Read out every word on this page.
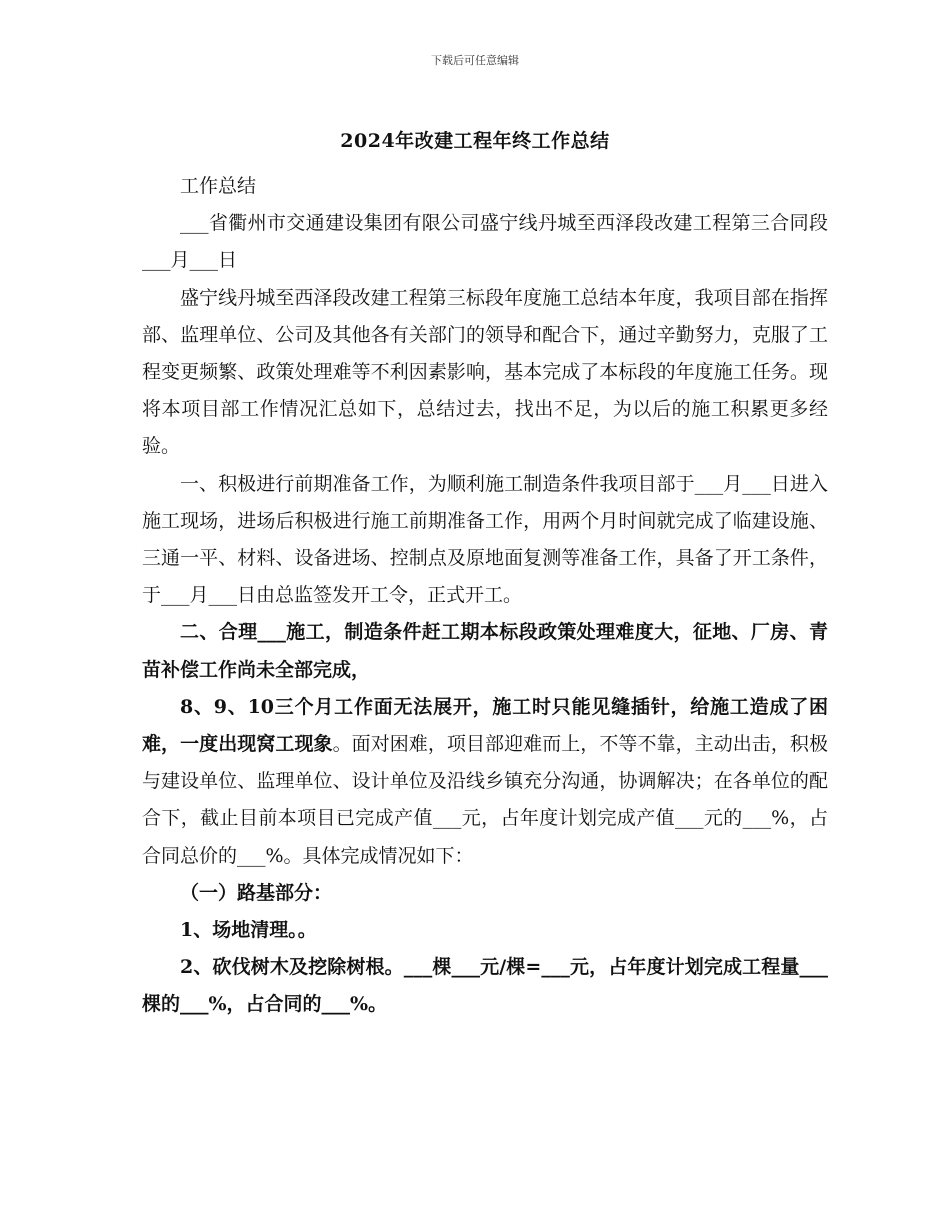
下载后可任意编辑
2024年改建工程年终工作总结

工作总结

___省衢州市交通建设集团有限公司盛宁线丹城至西泽段改建工程第三合同段___月___日

盛宁线丹城至西泽段改建工程第三标段年度施工总结本年度，我项目部在指挥部、监理单位、公司及其他各有关部门的领导和配合下，通过辛勤努力，克服了工程变更频繁、政策处理难等不利因素影响，基本完成了本标段的年度施工任务。现将本项目部工作情况汇总如下，总结过去，找出不足，为以后的施工积累更多经验。

一、积极进行前期准备工作，为顺利施工制造条件我项目部于___月___日进入施工现场，进场后积极进行施工前期准备工作，用两个月时间就完成了临建设施、三通一平、材料、设备进场、控制点及原地面复测等准备工作，具备了开工条件，于___月___日由总监签发开工令，正式开工。

二、合理___施工，制造条件赶工期本标段政策处理难度大，征地、厂房、青苗补偿工作尚未全部完成，

8、9、10三个月工作面无法展开，施工时只能见缝插针，给施工造成了困难，一度出现窝工现象。面对困难，项目部迎难而上，不等不靠，主动出击，积极与建设单位、监理单位、设计单位及沿线乡镇充分沟通，协调解决；在各单位的配合下，截止目前本项目已完成产值___元，占年度计划完成产值___元的___%，占合同总价的___%。具体完成情况如下：

（一）路基部分：

1、场地清理。。

2、砍伐树木及挖除树根。___棵___元/棵=___元，占年度计划完成工程量___棵的___%，占合同的___%。
